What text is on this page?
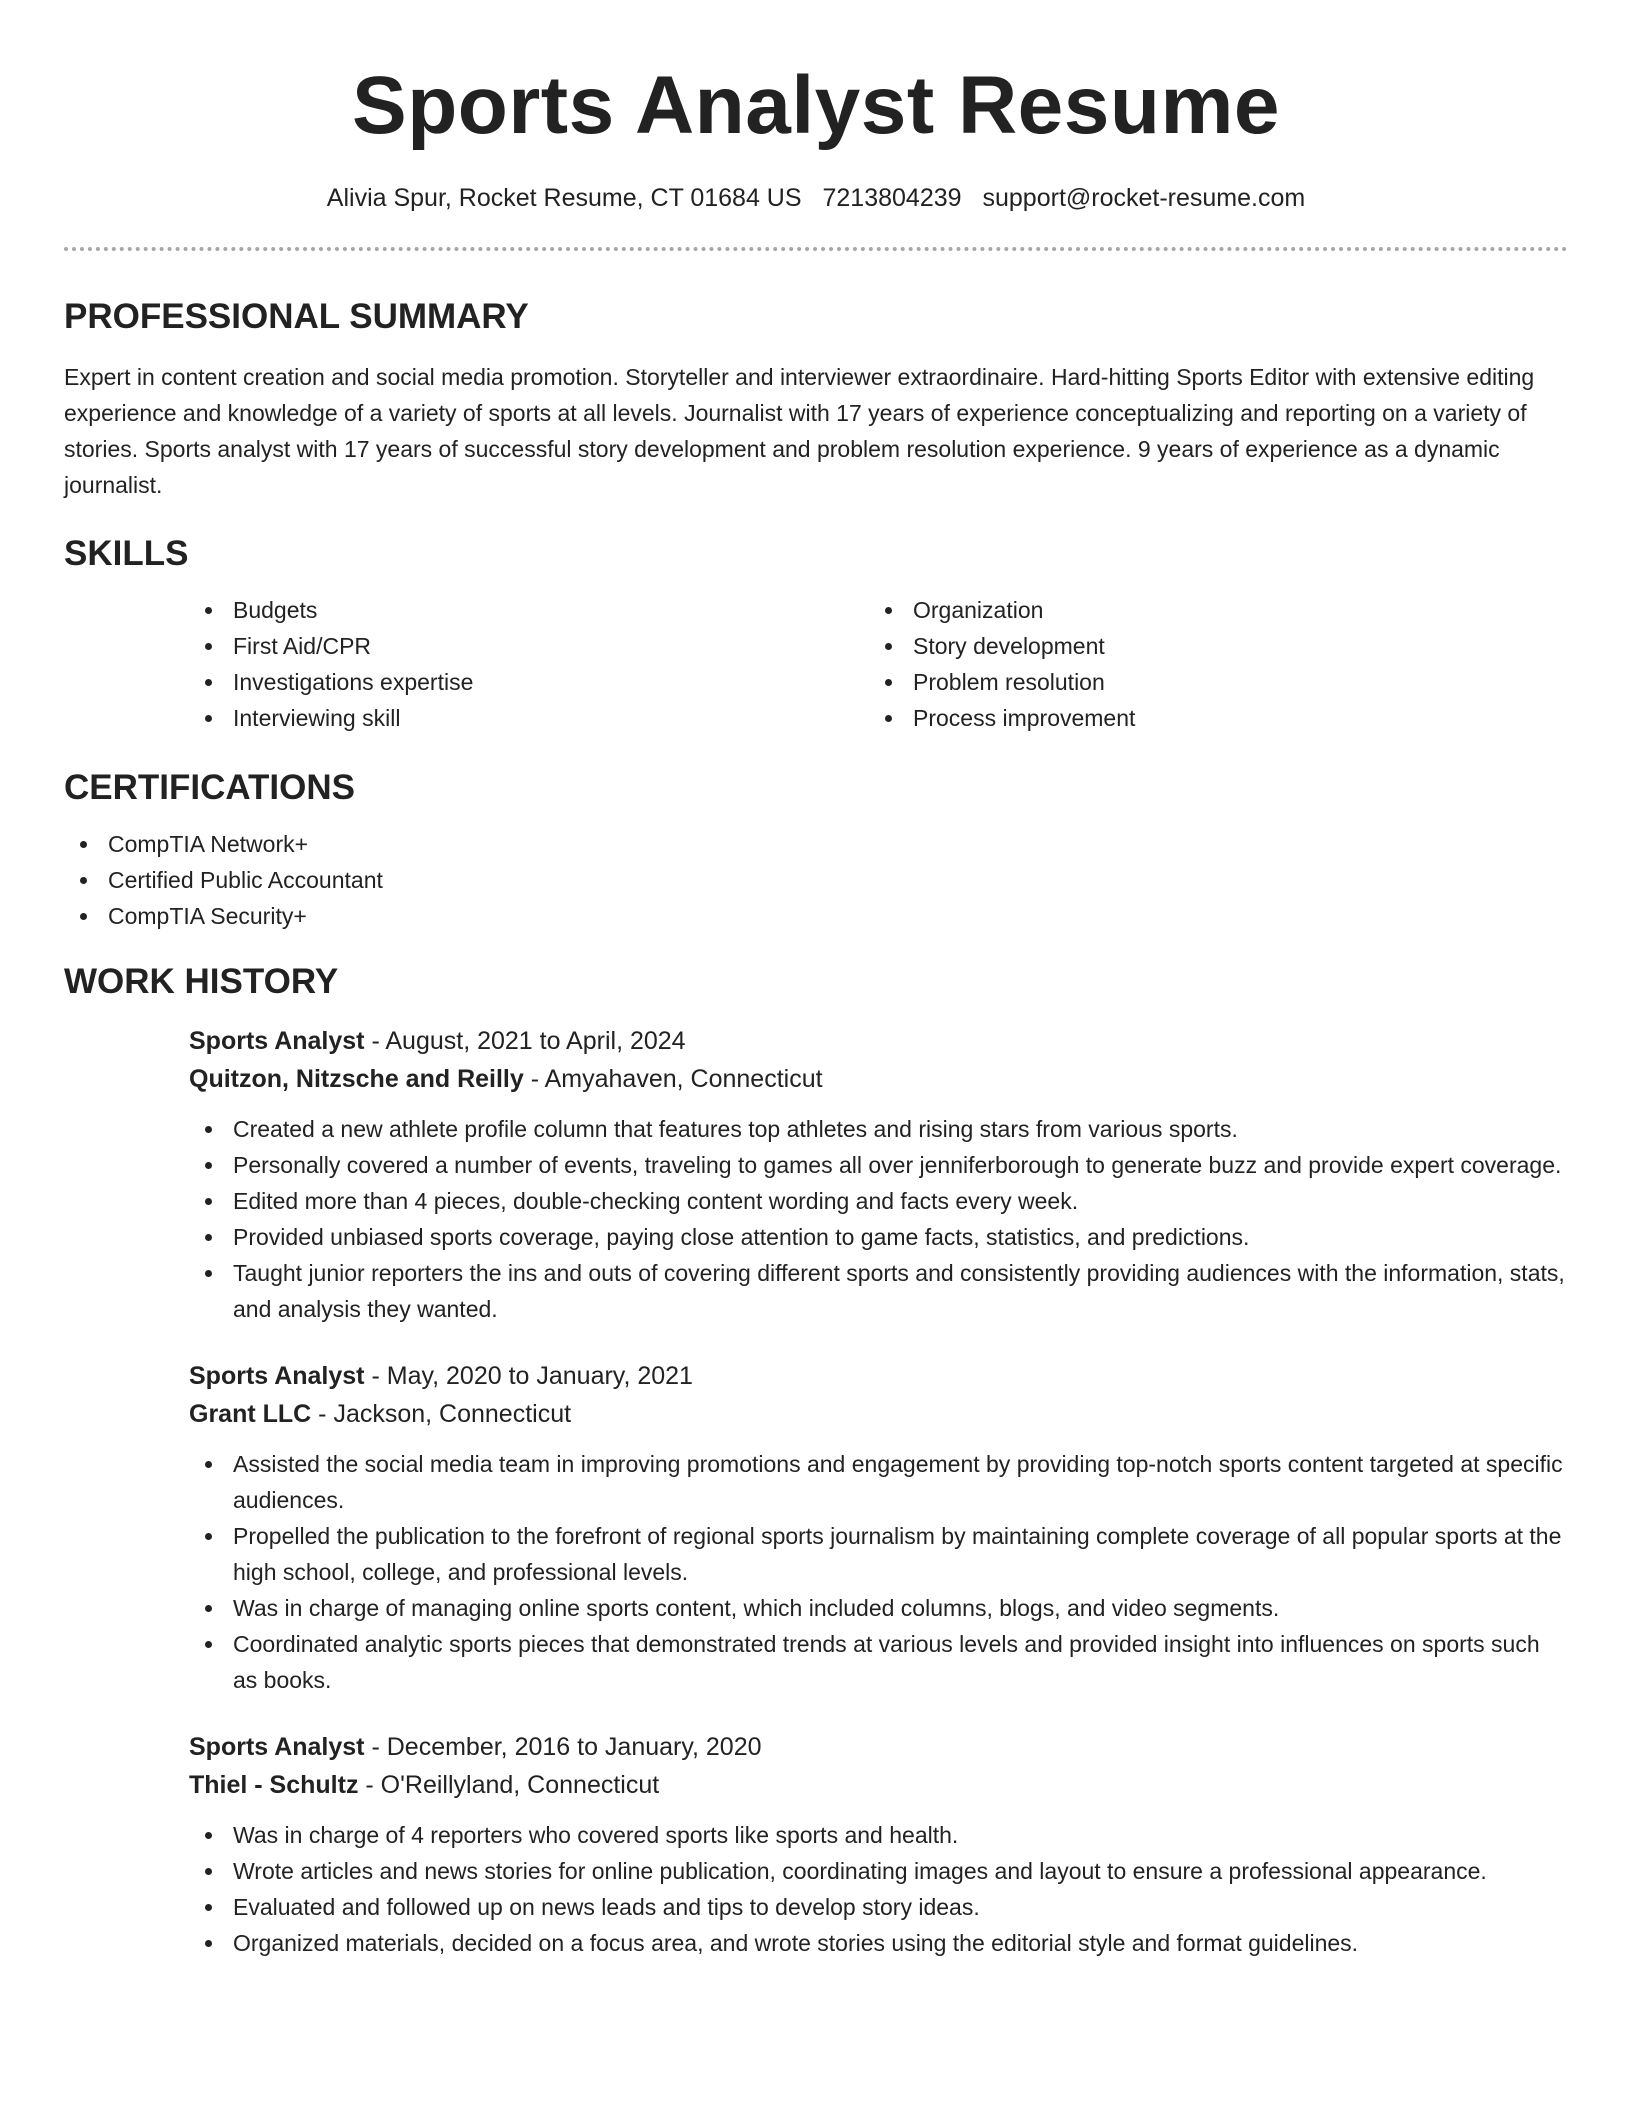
Sports Analyst Resume
Alivia Spur, Rocket Resume, CT 01684 US 7213804239 support@rocket-resume.com
PROFESSIONAL SUMMARY

Expert in content creation and social media promotion. Storyteller and interviewer extraordinaire. Hard-hitting Sports Editor with extensive editing experience and knowledge of a variety of sports at all levels. Journalist with 17 years of experience conceptualizing and reporting on a variety of stories. Sports analyst with 17 years of successful story development and problem resolution experience. 9 years of experience as a dynamic journalist.

SKILLS
Budgets
First Aid/CPR
Investigations expertise
Interviewing skill
Organization
Story development
Problem resolution
Process improvement
CERTIFICATIONS
CompTIA Network+
Certified Public Accountant
CompTIA Security+
WORK HISTORY
Sports Analyst - August, 2021 to April, 2024
Quitzon, Nitzsche and Reilly - Amyahaven, Connecticut
Created a new athlete profile column that features top athletes and rising stars from various sports.
Personally covered a number of events, traveling to games all over jenniferborough to generate buzz and provide expert coverage.
Edited more than 4 pieces, double-checking content wording and facts every week.
Provided unbiased sports coverage, paying close attention to game facts, statistics, and predictions.
Taught junior reporters the ins and outs of covering different sports and consistently providing audiences with the information, stats, and analysis they wanted.
Sports Analyst - May, 2020 to January, 2021
Grant LLC - Jackson, Connecticut
Assisted the social media team in improving promotions and engagement by providing top-notch sports content targeted at specific audiences.
Propelled the publication to the forefront of regional sports journalism by maintaining complete coverage of all popular sports at the high school, college, and professional levels.
Was in charge of managing online sports content, which included columns, blogs, and video segments.
Coordinated analytic sports pieces that demonstrated trends at various levels and provided insight into influences on sports such as books.
Sports Analyst - December, 2016 to January, 2020
Thiel - Schultz - O'Reillyland, Connecticut
Was in charge of 4 reporters who covered sports like sports and health.
Wrote articles and news stories for online publication, coordinating images and layout to ensure a professional appearance.
Evaluated and followed up on news leads and tips to develop story ideas.
Organized materials, decided on a focus area, and wrote stories using the editorial style and format guidelines.
